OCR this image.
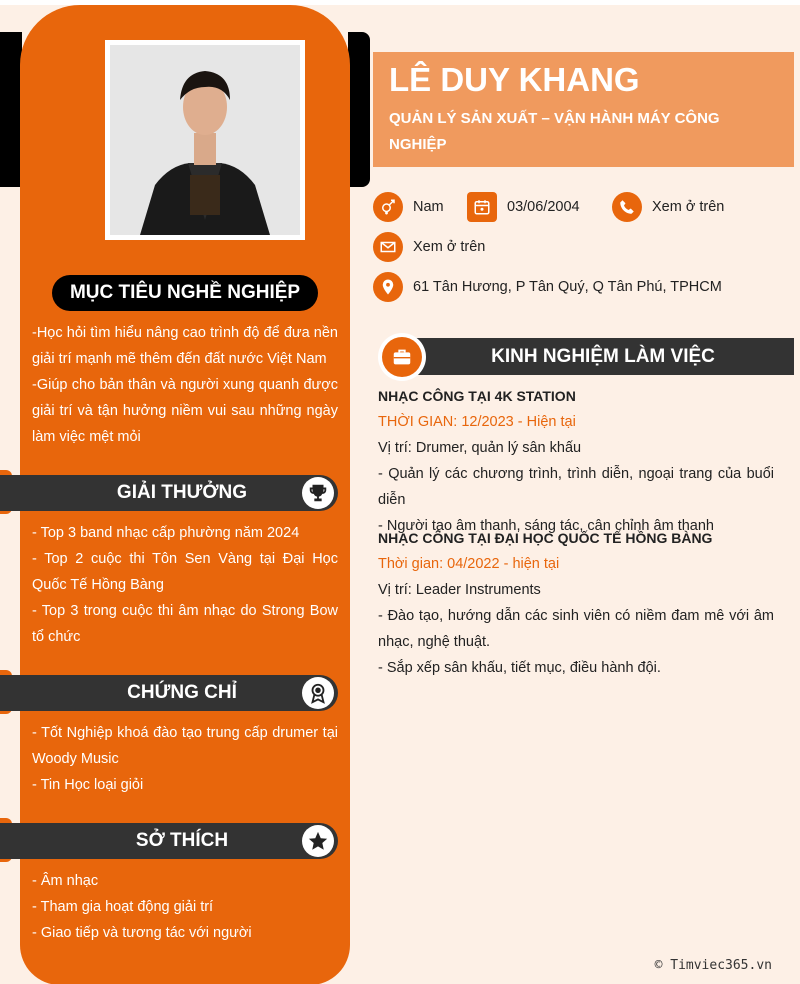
MỤC TIÊU NGHỀ NGHIỆP
-Học hỏi tìm hiểu nâng cao trình độ để đưa nền giải trí mạnh mẽ thêm đến đất nước Việt Nam
-Giúp cho bản thân và người xung quanh được giải trí và tận hưởng niềm vui sau những ngày làm việc mệt mỏi
GIẢI THƯỞNG
- Top 3 band nhạc cấp phường năm 2024
- Top 2 cuộc thi Tôn Sen Vàng tại Đại Học Quốc Tế Hồng Bàng
- Top 3 trong cuộc thi âm nhạc do Strong Bow tổ chức
CHỨNG CHỈ
- Tốt Nghiệp khoá đào tạo trung cấp drumer tại Woody Music
- Tin Học loại giỏi
SỞ THÍCH
- Âm nhạc
- Tham gia hoạt động giải trí
- Giao tiếp và tương tác với người
LÊ DUY KHANG
QUẢN LÝ SẢN XUẤT – VẬN HÀNH MÁY CÔNG NGHIỆP
Nam	03/06/2004	Xem ở trên
Xem ở trên
61 Tân Hương, P Tân Quý, Q Tân Phú, TPHCM
KINH NGHIỆM LÀM VIỆC
NHẠC CÔNG TẠI 4K STATION
THỜI GIAN: 12/2023 - Hiện tại
Vị trí: Drumer, quản lý sân khấu
- Quản lý các chương trình, trình diễn, ngoại trang của buổi diễn
- Người tạo âm thanh, sáng tác, cân chỉnh âm thanh
NHẠC CÔNG TẠI ĐẠI HỌC QUỐC TẾ HỒNG BÀNG
Thời gian: 04/2022 - hiện tại
Vị trí: Leader Instruments
- Đào tạo, hướng dẫn các sinh viên có niềm đam mê với âm nhạc, nghệ thuật.
- Sắp xếp sân khấu, tiết mục, điều hành đội.
© Timviec365.vn
